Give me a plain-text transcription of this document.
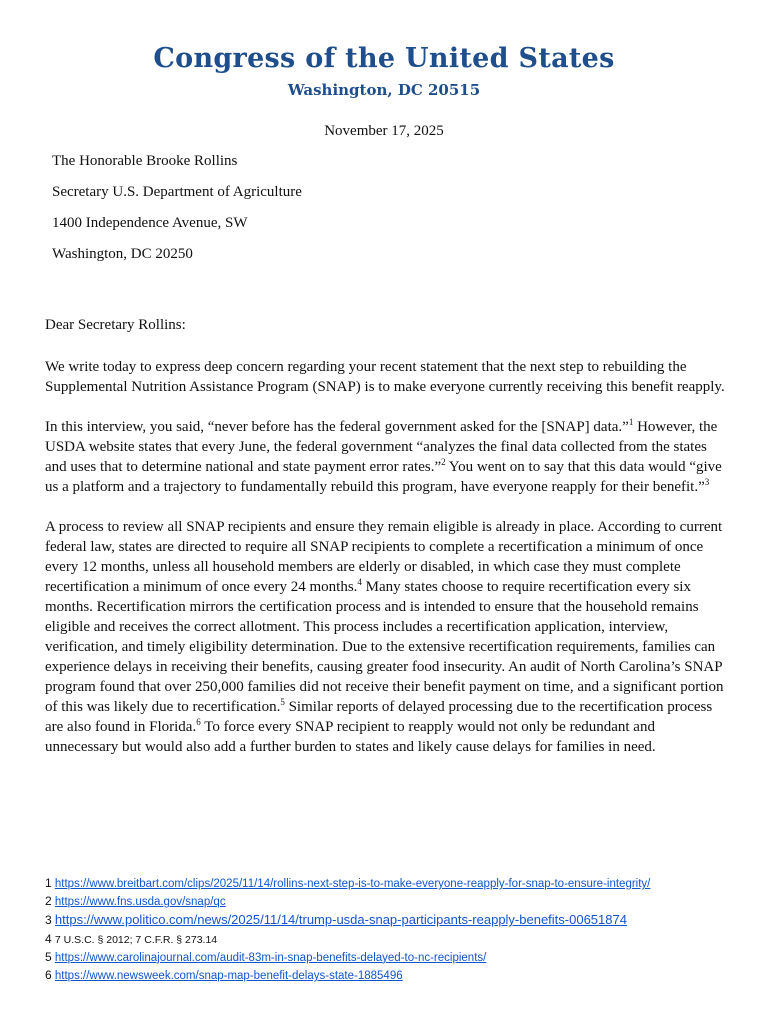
Congress of the United States
Washington, DC 20515
November 17, 2025
The Honorable Brooke Rollins
Secretary U.S. Department of Agriculture
1400 Independence Avenue, SW
Washington, DC 20250
Dear Secretary Rollins:

We write today to express deep concern regarding your recent statement that the next step to rebuilding the Supplemental Nutrition Assistance Program (SNAP) is to make everyone currently receiving this benefit reapply.

In this interview, you said, “never before has the federal government asked for the [SNAP] data.”$^1$ However, the USDA website states that every June, the federal government “analyzes the final data collected from the states and uses that to determine national and state payment error rates.”$^2$ You went on to say that this data would “give us a platform and a trajectory to fundamentally rebuild this program, have everyone reapply for their benefit.”$^3$

A process to review all SNAP recipients and ensure they remain eligible is already in place. According to current federal law, states are directed to require all SNAP recipients to complete a recertification a minimum of once every 12 months, unless all household members are elderly or disabled, in which case they must complete recertification a minimum of once every 24 months.$^4$ Many states choose to require recertification every six months. Recertification mirrors the certification process and is intended to ensure that the household remains eligible and receives the correct allotment. This process includes a recertification application, interview, verification, and timely eligibility determination. Due to the extensive recertification requirements, families can experience delays in receiving their benefits, causing greater food insecurity. An audit of North Carolina’s SNAP program found that over 250,000 families did not receive their benefit payment on time, and a significant portion of this was likely due to recertification.$^5$ Similar reports of delayed processing due to the recertification process are also found in Florida.$^6$ To force every SNAP recipient to reapply would not only be redundant and unnecessary but would also add a further burden to states and likely cause delays for families in need.

1 https://www.breitbart.com/clips/2025/11/14/rollins-next-step-is-to-make-everyone-reapply-for-snap-to-ensure-integrity/
2 https://www.fns.usda.gov/snap/qc
3 https://www.politico.com/news/2025/11/14/trump-usda-snap-participants-reapply-benefits-00651874
4 7 U.S.C. § 2012; 7 C.F.R. § 273.14
5 https://www.carolinajournal.com/audit-83m-in-snap-benefits-delayed-to-nc-recipients/
6 https://www.newsweek.com/snap-map-benefit-delays-state-1885496
